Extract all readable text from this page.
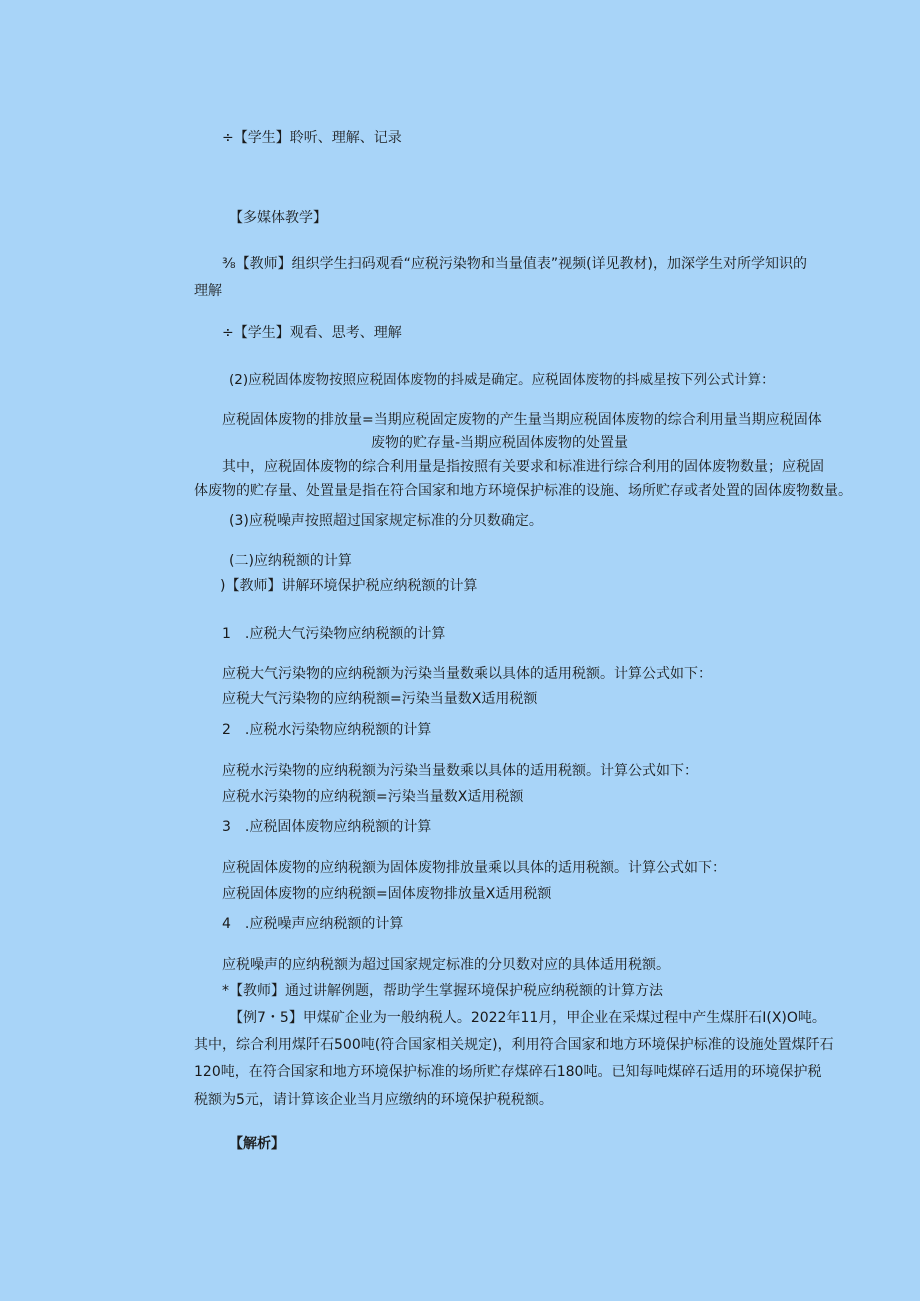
÷【学生】聆听、理解、记录
【多媒体教学】
⅜【教师】组织学生扫码观看“应税污染物和当量值表”视频(详见教材)，加深学生对所学知识的
理解
÷【学生】观看、思考、理解
(2)应税固体废物按照应税固体废物的抖威是确定。应税固体废物的抖威星按下列公式计算：
应税固体废物的排放量=当期应税固定废物的产生量当期应税固体废物的综合利用量当期应税固体
废物的贮存量-当期应税固体废物的处置量
其中，应税固体废物的综合利用量是指按照有关要求和标准进行综合利用的固体废物数量；应税固
体废物的贮存量、处置量是指在符合国家和地方环境保护标准的设施、场所贮存或者处置的固体废物数量。
(3)应税噪声按照超过国家规定标准的分贝数确定。
(二)应纳税额的计算
)【教师】讲解环境保护税应纳税额的计算
1　.应税大气污染物应纳税额的计算
应税大气污染物的应纳税额为污染当量数乘以具体的适用税额。计算公式如下：
应税大气污染物的应纳税额=污染当量数X适用税额
2　.应税水污染物应纳税额的计算
应税水污染物的应纳税额为污染当量数乘以具体的适用税额。计算公式如下：
应税水污染物的应纳税额=污染当量数X适用税额
3　.应税固体废物应纳税额的计算
应税固体废物的应纳税额为固体废物排放量乘以具体的适用税额。计算公式如下：
应税固体废物的应纳税额=固体废物排放量X适用税额
4　.应税噪声应纳税额的计算
应税噪声的应纳税额为超过国家规定标准的分贝数对应的具体适用税额。
*【教师】通过讲解例题，帮助学生掌握环境保护税应纳税额的计算方法
【例7・5】甲煤矿企业为一般纳税人。2022年11月，甲企业在采煤过程中产生煤肝石I(X)O吨。
其中，综合利用煤阡石500吨(符合国家相关规定)，利用符合国家和地方环境保护标准的设施处置煤阡石
120吨，在符合国家和地方环境保护标准的场所贮存煤碎石180吨。已知每吨煤碎石适用的环境保护税
税额为5元，请计算该企业当月应缴纳的环境保护税税额。
【解析】
